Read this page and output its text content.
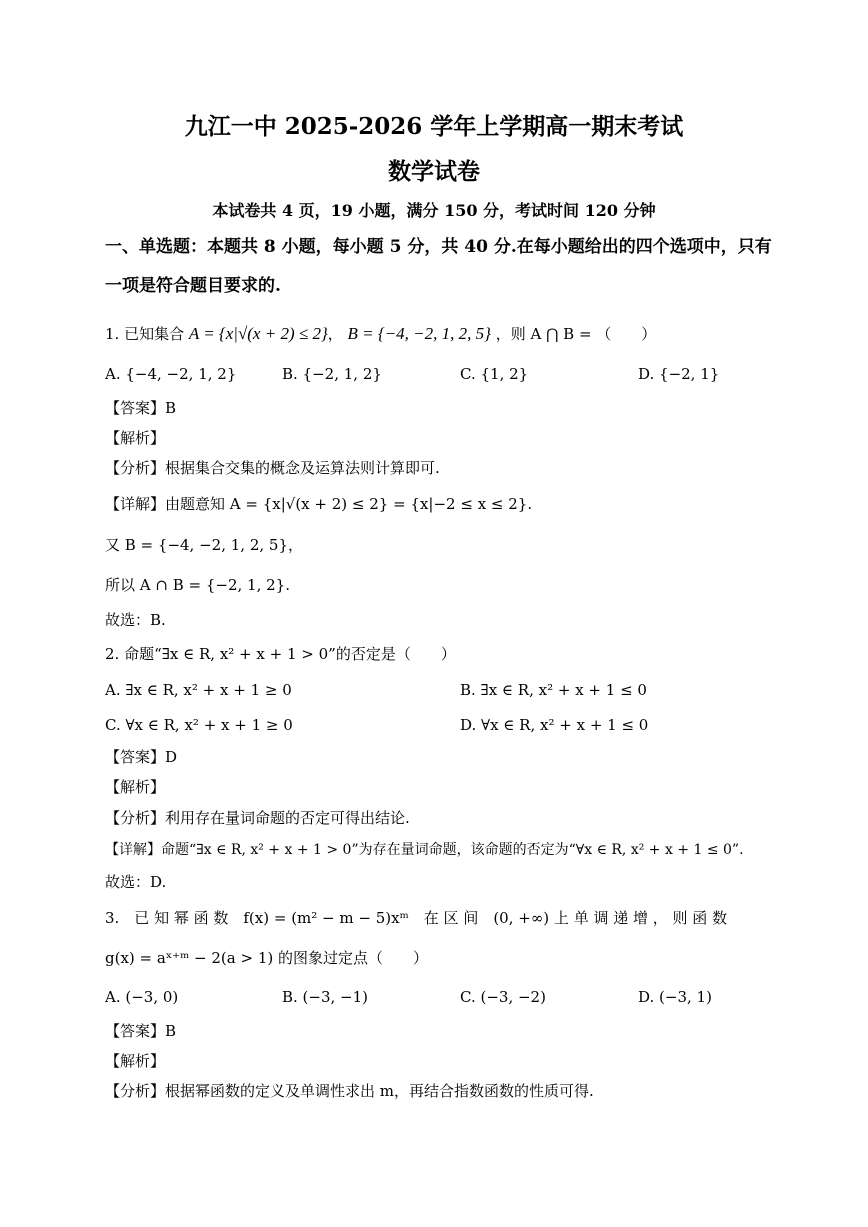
九江一中 2025-2026 学年上学期高一期末考试
数学试卷
本试卷共 4 页，19 小题，满分 150 分，考试时间 120 分钟
一、单选题：本题共 8 小题，每小题 5 分，共 40 分.在每小题给出的四个选项中，只有
一项是符合题目要求的.
1. 已知集合 A = {x|√(x + 2) ≤ 2}， B = {−4, −2, 1, 2, 5} ，则 A ⋂ B = （　　）
A. {−4, −2, 1, 2}	B. {−2, 1, 2}	C. {1, 2}	D. {−2, 1}
【答案】B
【解析】
【分析】根据集合交集的概念及运算法则计算即可.
【详解】由题意知 A = {x|√(x + 2) ≤ 2} = {x|−2 ≤ x ≤ 2}.
又 B = {−4, −2, 1, 2, 5}，
所以 A ∩ B = {−2, 1, 2}.
故选：B.
2. 命题“∃x ∈ R, x² + x + 1 > 0”的否定是（　　）
A. ∃x ∈ R, x² + x + 1 ≥ 0	B. ∃x ∈ R, x² + x + 1 ≤ 0
C. ∀x ∈ R, x² + x + 1 ≥ 0	D. ∀x ∈ R, x² + x + 1 ≤ 0
【答案】D
【解析】
【分析】利用存在量词命题的否定可得出结论.
【详解】命题“∃x ∈ R, x² + x + 1 > 0”为存在量词命题，该命题的否定为“∀x ∈ R, x² + x + 1 ≤ 0”.
故选：D.
3.　已 知 幂 函 数　f(x) = (m² − m − 5)xᵐ　在 区 间　(0, +∞) 上 单 调 递 增 ， 则 函 数
g(x) = aˣ⁺ᵐ − 2(a > 1) 的图象过定点（　　）
A. (−3, 0)	B. (−3, −1)	C. (−3, −2)	D. (−3, 1)
【答案】B
【解析】
【分析】根据幂函数的定义及单调性求出 m，再结合指数函数的性质可得.
